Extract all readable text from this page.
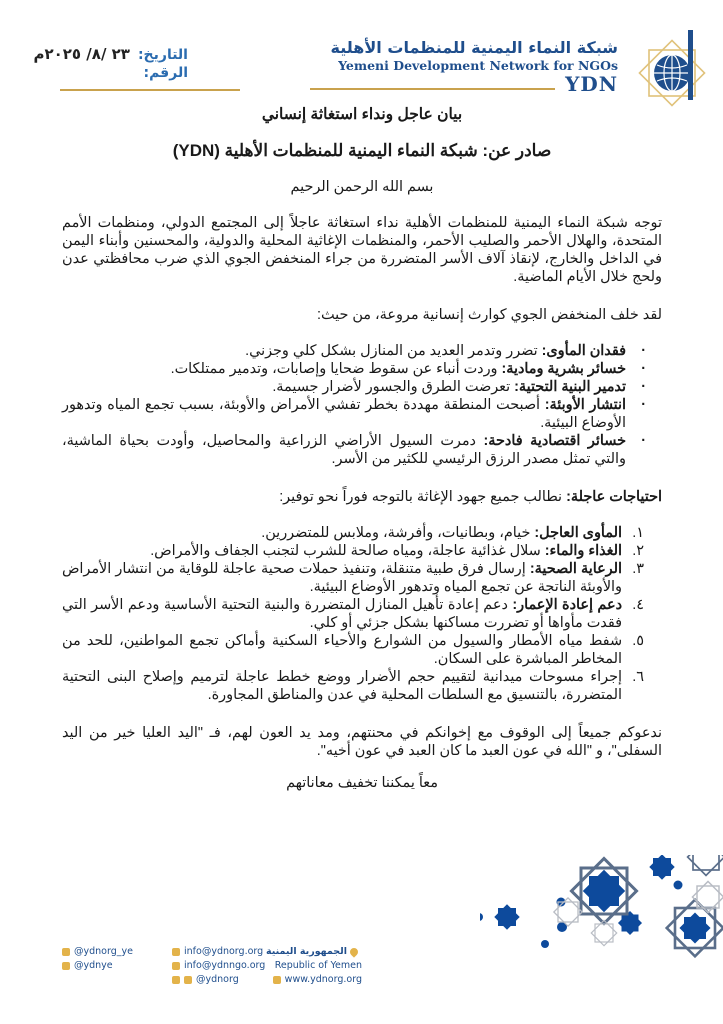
شبكة النماء اليمنية للمنظمات الأهلية
Yemeni Development Network for NGOs
YDN
التاريخ:
٢٣ /٨/ ٢٠٢٥م
الرقم:
بيان عاجل ونداء استغاثة إنساني
صادر عن: شبكة النماء اليمنية للمنظمات الأهلية (YDN)
بسم الله الرحمن الرحيم

توجه شبكة النماء اليمنية للمنظمات الأهلية نداء استغاثة عاجلاً إلى المجتمع الدولي، ومنظمات الأمم المتحدة، والهلال الأحمر والصليب الأحمر، والمنظمات الإغاثية المحلية والدولية، والمحسنين وأبناء اليمن في الداخل والخارج، لإنقاذ آلاف الأسر المتضررة من جراء المنخفض الجوي الذي ضرب محافظتي عدن ولحج خلال الأيام الماضية.

لقد خلف المنخفض الجوي كوارث إنسانية مروعة، من حيث:
· فقدان المأوى: تضرر وتدمر العديد من المنازل بشكل كلي وجزني.
· خسائر بشرية ومادية: وردت أنباء عن سقوط ضحايا وإصابات، وتدمير ممتلكات.
· تدمير البنية التحتية: تعرضت الطرق والجسور لأضرار جسيمة.
· انتشار الأوبئة: أصبحت المنطقة مهددة بخطر تفشي الأمراض والأوبئة، بسبب تجمع المياه وتدهور الأوضاع البيئية.
· خسائر اقتصادية فادحة: دمرت السيول الأراضي الزراعية والمحاصيل، وأودت بحياة الماشية، والتي تمثل مصدر الرزق الرئيسي للكثير من الأسر.
احتياجات عاجلة: نطالب جميع جهود الإغاثة بالتوجه فوراً نحو توفير:
١.
المأوى العاجل: خيام، وبطانيات، وأفرشة، وملابس للمتضررين.
٢.
الغذاء والماء: سلال غذائية عاجلة، ومياه صالحة للشرب لتجنب الجفاف والأمراض.
٣.
الرعاية الصحية: إرسال فرق طبية متنقلة، وتنفيذ حملات صحية عاجلة للوقاية من انتشار الأمراض والأوبئة الناتجة عن تجمع المياه وتدهور الأوضاع البيئية.
٤.
دعم إعادة الإعمار: دعم إعادة تأهيل المنازل المتضررة والبنية التحتية الأساسية ودعم الأسر التي فقدت مأواها أو تضررت مساكنها بشكل جزئي أو كلي.
٥.
شفط مياه الأمطار والسيول من الشوارع والأحياء السكنية وأماكن تجمع المواطنين، للحد من المخاطر المباشرة على السكان.
٦.
إجراء مسوحات ميدانية لتقييم حجم الأضرار ووضع خطط عاجلة لترميم وإصلاح البنى التحتية المتضررة، بالتنسيق مع السلطات المحلية في عدن والمناطق المجاورة.

ندعوكم جميعاً إلى الوقوف مع إخوانكم في محنتهم، ومد يد العون لهم، فـ "اليد العليا خير من اليد السفلى"، و "الله في عون العبد ما كان العبد في عون أخيه".

معاً يمكننا تخفيف معاناتهم
الجمهورية اليمنية
Republic of Yemen
www.ydnorg.org
info@ydnorg.org
info@ydnngo.org
@ydnorg
@ydnorg_ye
@ydnye
